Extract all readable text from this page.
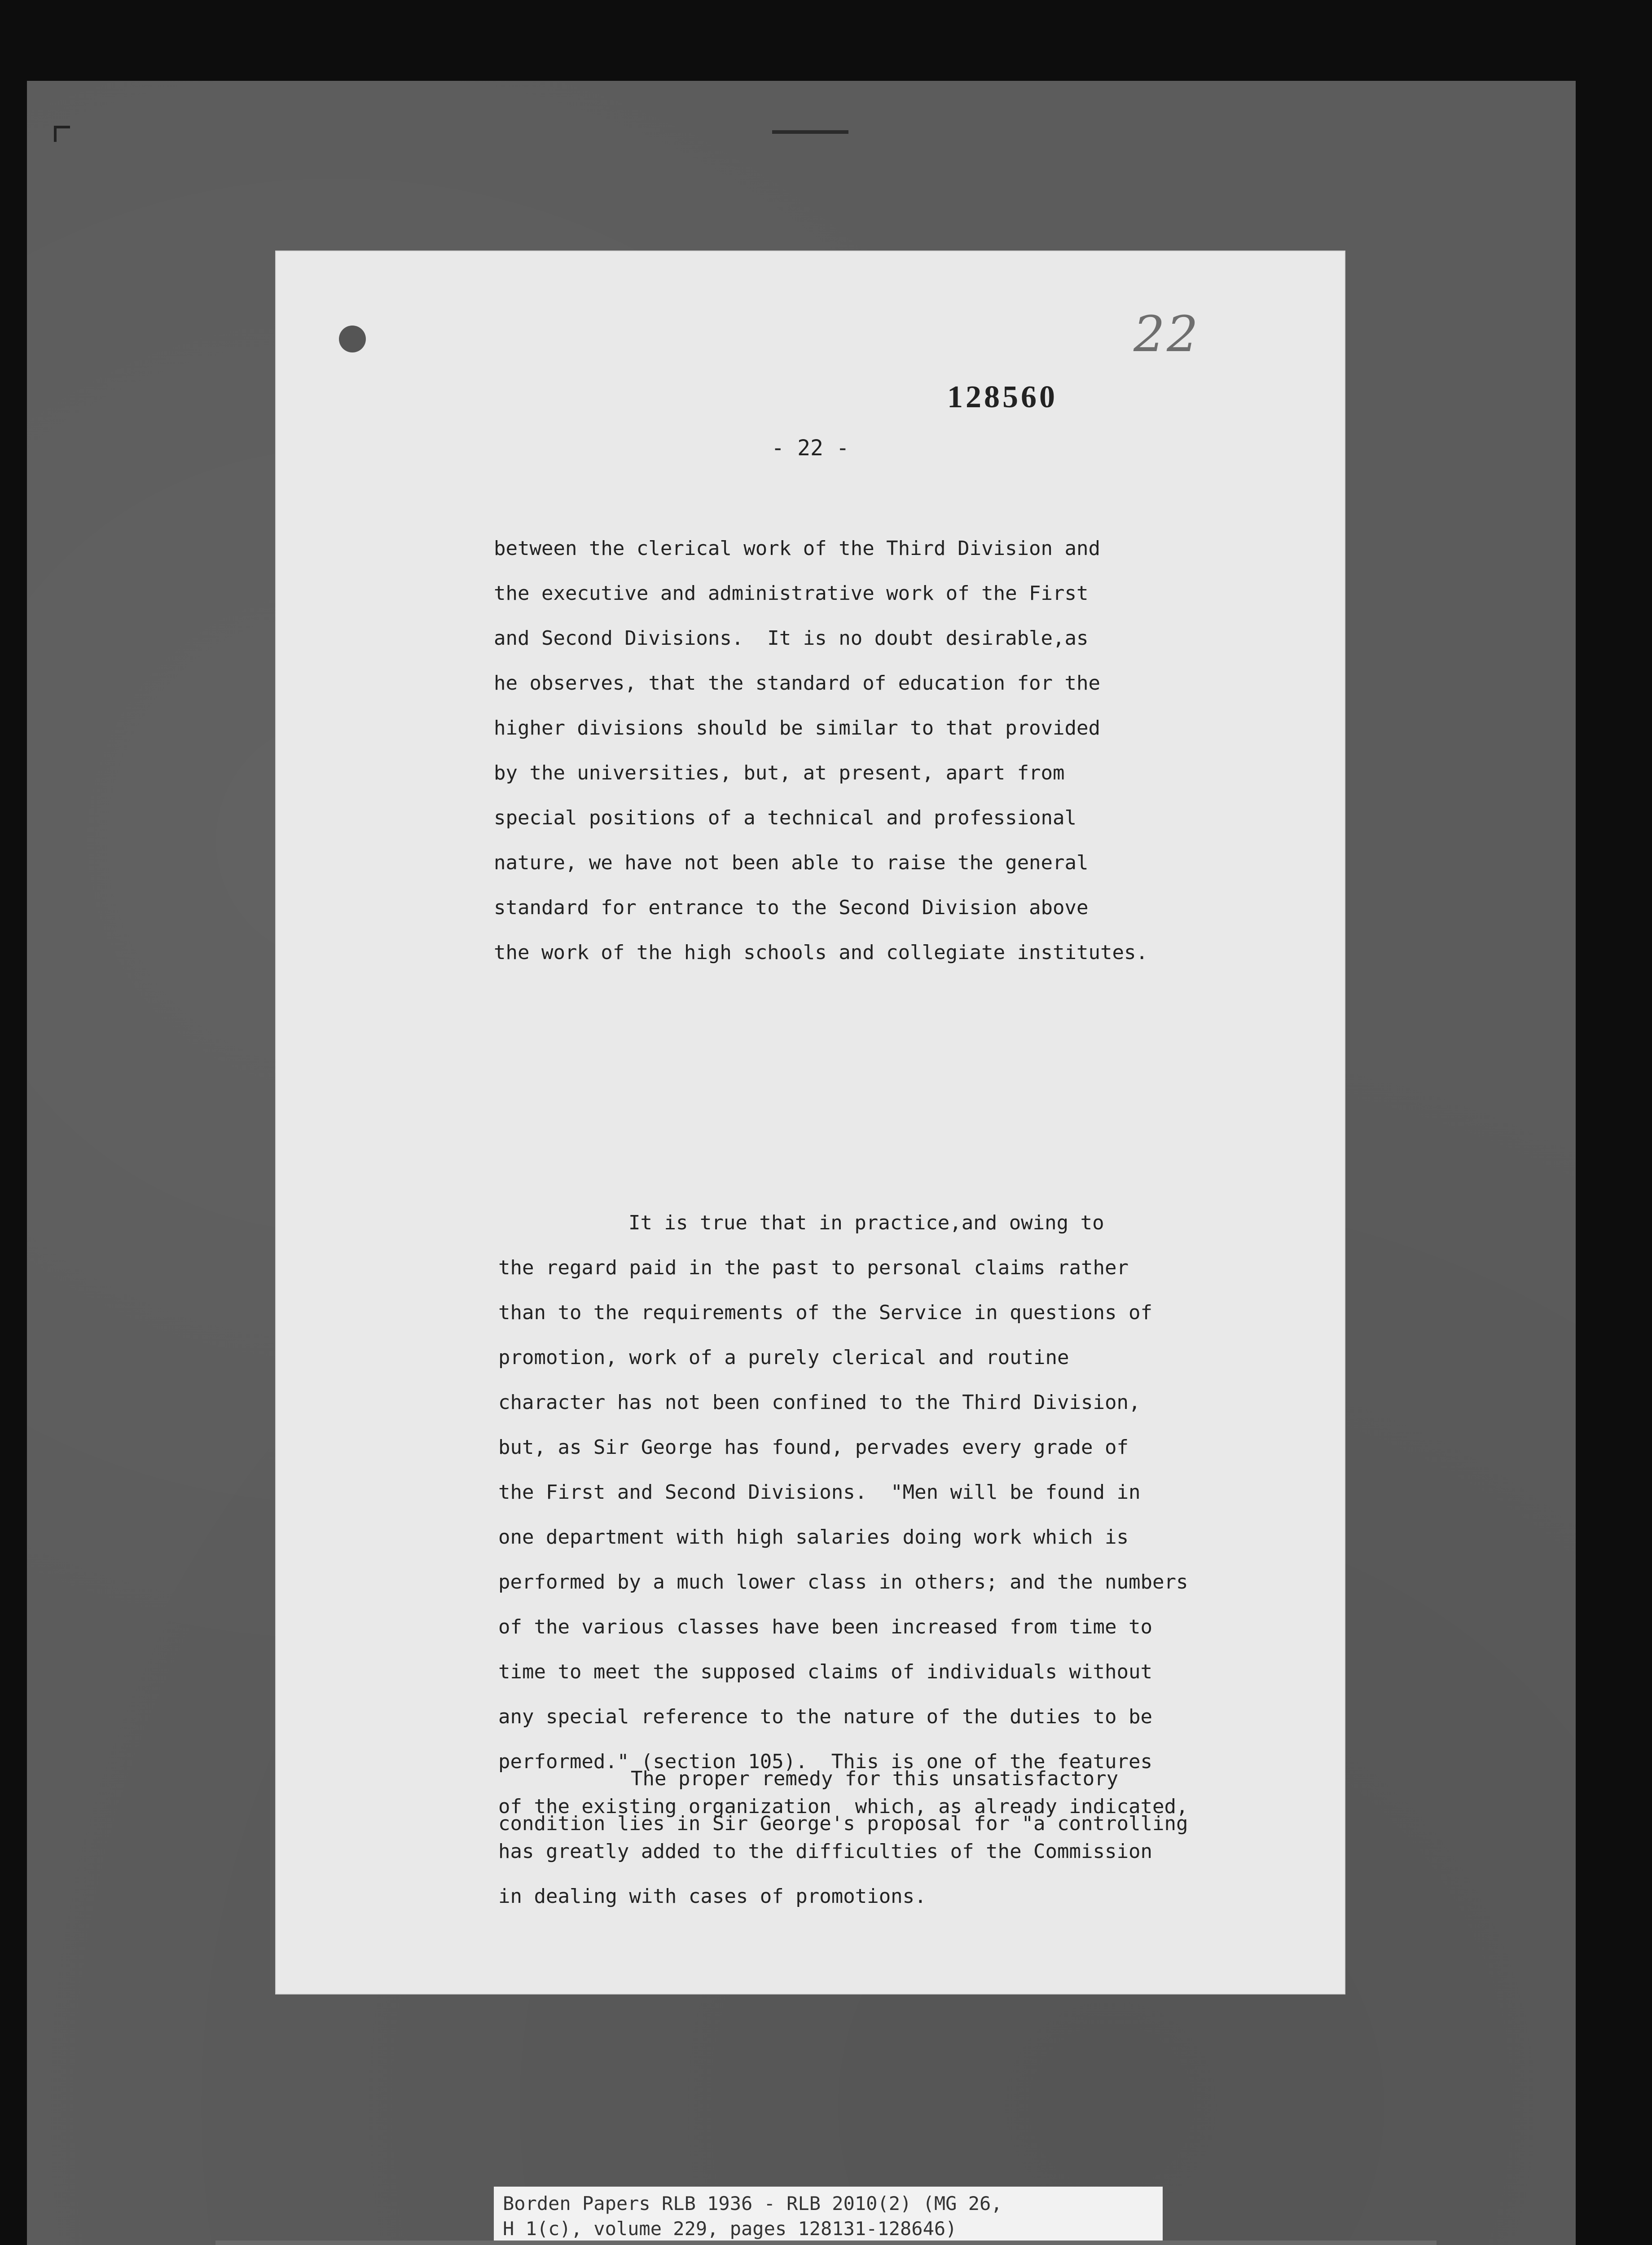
22
128560
- 22 -
between the clerical work of the Third Division and
the executive and administrative work of the First
and Second Divisions.  It is no doubt desirable,as
he observes, that the standard of education for the
higher divisions should be similar to that provided
by the universities, but, at present, apart from
special positions of a technical and professional
nature, we have not been able to raise the general
standard for entrance to the Second Division above
the work of the high schools and collegiate institutes.
It is true that in practice,and owing to
the regard paid in the past to personal claims rather
than to the requirements of the Service in questions of
promotion, work of a purely clerical and routine
character has not been confined to the Third Division,
but, as Sir George has found, pervades every grade of
the First and Second Divisions.  "Men will be found in
one department with high salaries doing work which is
performed by a much lower class in others; and the numbers
of the various classes have been increased from time to
time to meet the supposed claims of individuals without
any special reference to the nature of the duties to be
performed." (section 105).  This is one of the features
of the existing organization  which, as already indicated,
has greatly added to the difficulties of the Commission
in dealing with cases of promotions.
The proper remedy for this unsatisfactory
condition lies in Sir George's proposal for "a controlling
Borden Papers RLB 1936 - RLB 2010(2) (MG 26,
H 1(c), volume 229, pages 128131-128646)
